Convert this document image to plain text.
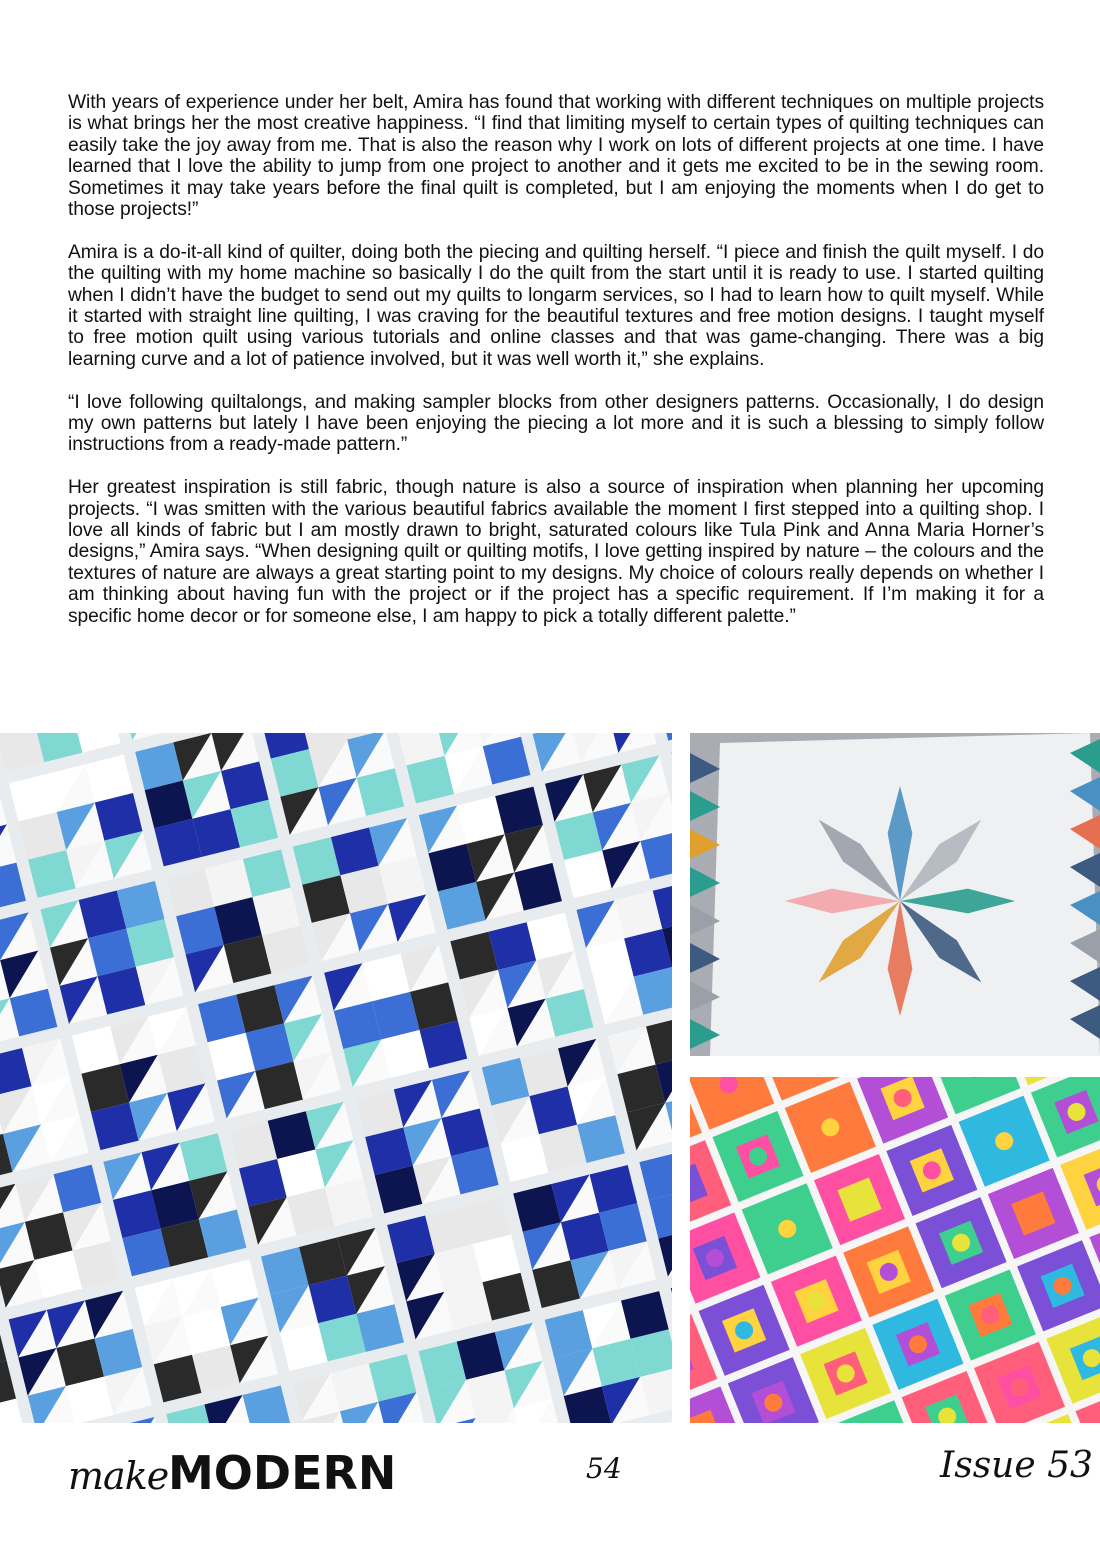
With years of experience under her belt, Amira has found that working with different techniques on multiple projects is what brings her the most creative happiness. “I find that limiting myself to certain types of quilting techniques can easily take the joy away from me. That is also the reason why I work on lots of different projects at one time. I have learned that I love the ability to jump from one project to another and it gets me excited to be in the sewing room. Sometimes it may take years before the final quilt is completed, but I am enjoying the moments when I do get to those projects!”

Amira is a do-it-all kind of quilter, doing both the piecing and quilting herself. “I piece and finish the quilt myself. I do the quilting with my home machine so basically I do the quilt from the start until it is ready to use. I started quilting when I didn’t have the budget to send out my quilts to longarm services, so I had to learn how to quilt myself. While it started with straight line quilting, I was craving for the beautiful textures and free motion designs. I taught myself to free motion quilt using various tutorials and online classes and that was game-changing. There was a big learning curve and a lot of patience involved, but it was well worth it,” she explains.

“I love following quiltalongs, and making sampler blocks from other designers patterns. Occasionally, I do design my own patterns but lately I have been enjoying the piecing a lot more and it is such a blessing to simply follow instructions from a ready-made pattern.”

Her greatest inspiration is still fabric, though nature is also a source of inspiration when planning her upcoming projects. “I was smitten with the various beautiful fabrics available the moment I first stepped into a quilting shop. I love all kinds of fabric but I am mostly drawn to bright, saturated colours like Tula Pink and Anna Maria Horner’s designs,” Amira says. “When designing quilt or quilting motifs, I love getting inspired by nature – the colours and the textures of nature are always a great starting point to my designs. My choice of colours really depends on whether I am thinking about having fun with the project or if the project has a specific requirement. If I’m making it for a specific home decor or for someone else, I am happy to pick a totally different palette.”

make MODERN	54	Issue 53
